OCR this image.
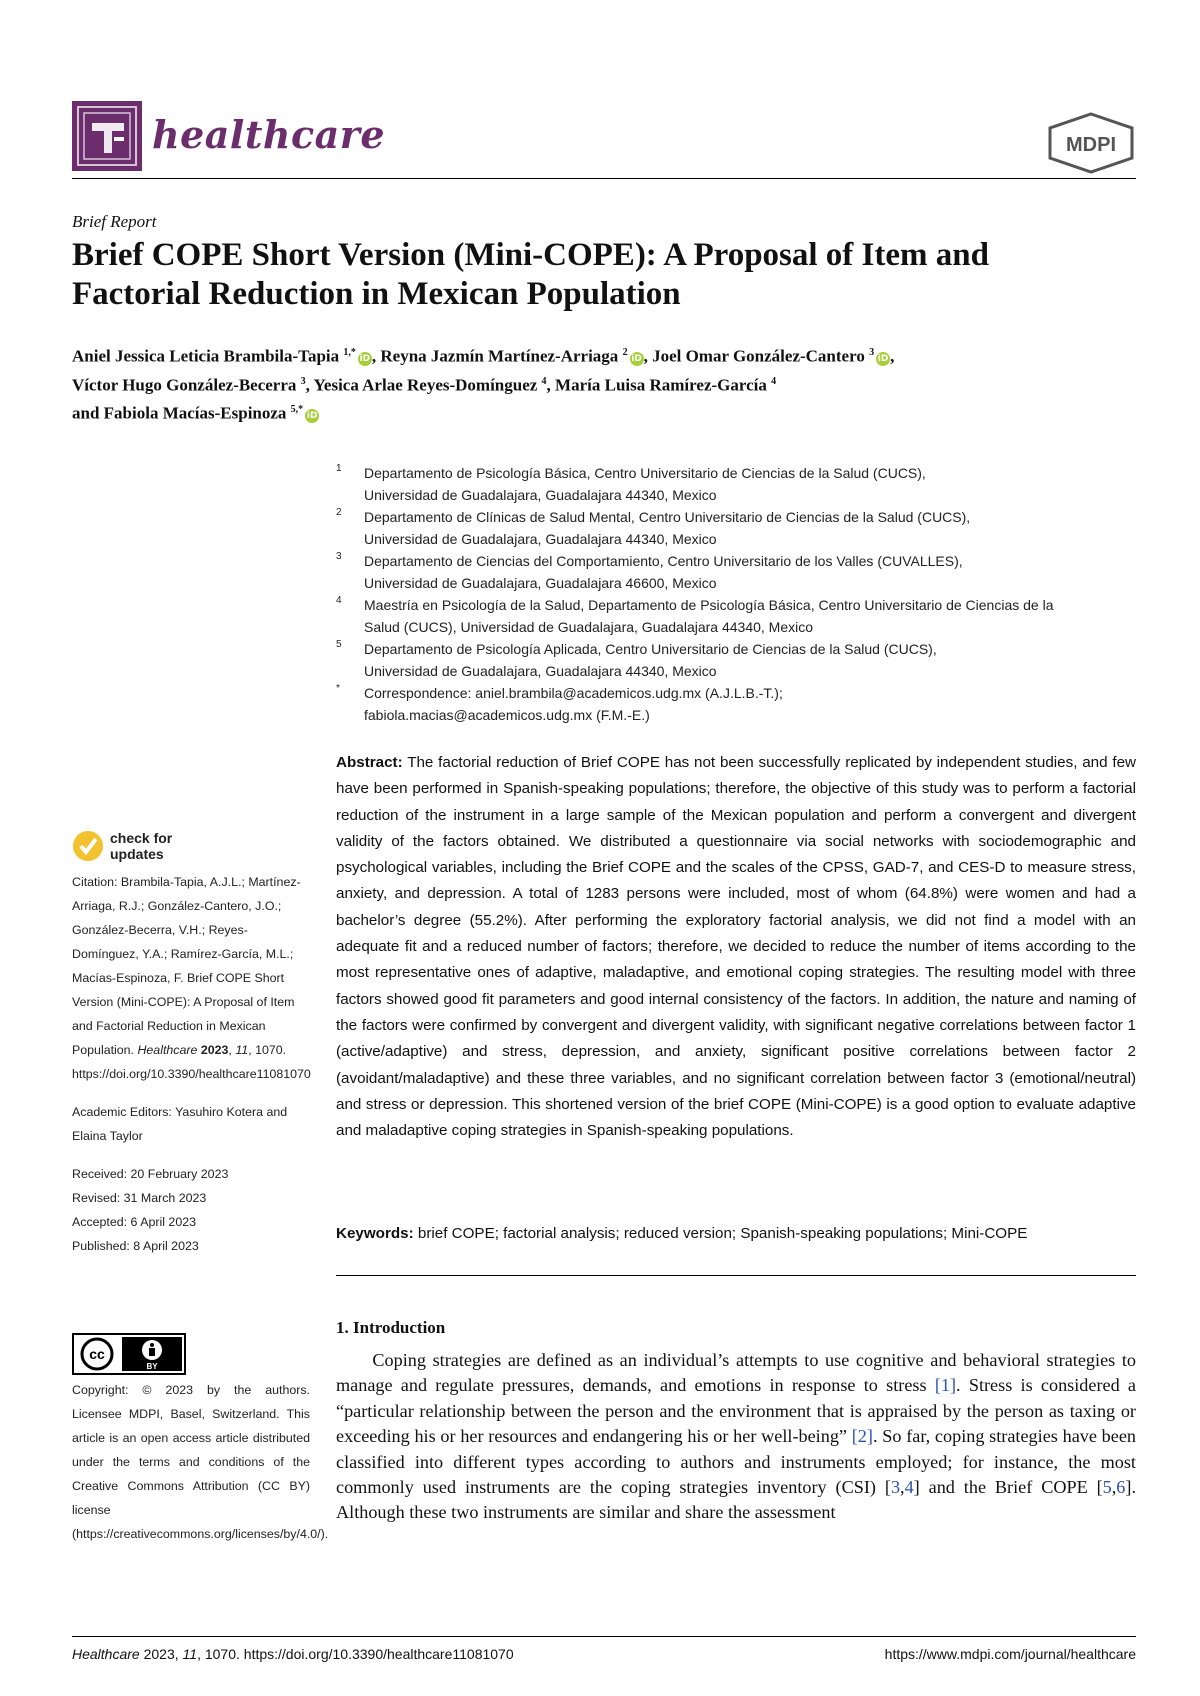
healthcare	MDPI
Brief Report
Brief COPE Short Version (Mini-COPE): A Proposal of Item and
Factorial Reduction in Mexican Population
Aniel Jessica Leticia Brambila-Tapia $^{1,*}$iD , Reyna Jazmín Martínez-Arriaga $^2$iD , Joel Omar González-Cantero $^3$iD ,
Víctor Hugo González-Becerra $^3$, Yesica Arlae Reyes-Domínguez $^4$, María Luisa Ramírez-García $^4$
and Fabiola Macías-Espinoza $^{5,*}$iD
1 Departamento de Psicología Básica, Centro Universitario de Ciencias de la Salud (CUCS),
Universidad de Guadalajara, Guadalajara 44340, Mexico
2 Departamento de Clínicas de Salud Mental, Centro Universitario de Ciencias de la Salud (CUCS),
Universidad de Guadalajara, Guadalajara 44340, Mexico
3 Departamento de Ciencias del Comportamiento, Centro Universitario de los Valles (CUVALLES),
Universidad de Guadalajara, Guadalajara 46600, Mexico
4 Maestría en Psicología de la Salud, Departamento de Psicología Básica, Centro Universitario de Ciencias de la
Salud (CUCS), Universidad de Guadalajara, Guadalajara 44340, Mexico
5 Departamento de Psicología Aplicada, Centro Universitario de Ciencias de la Salud (CUCS),
Universidad de Guadalajara, Guadalajara 44340, Mexico
* Correspondence: aniel.brambila@academicos.udg.mx (A.J.L.B.-T.);
fabiola.macias@academicos.udg.mx (F.M.-E.)
Abstract: The factorial reduction of Brief COPE has not been successfully replicated by independent studies, and few have been performed in Spanish-speaking populations; therefore, the objective of this study was to perform a factorial reduction of the instrument in a large sample of the Mexican population and perform a convergent and divergent validity of the factors obtained. We distributed a questionnaire via social networks with sociodemographic and psychological variables, including the Brief COPE and the scales of the CPSS, GAD-7, and CES-D to measure stress, anxiety, and depression. A total of 1283 persons were included, most of whom (64.8%) were women and had a bachelor’s degree (55.2%). After performing the exploratory factorial analysis, we did not find a model with an adequate fit and a reduced number of factors; therefore, we decided to reduce the number of items according to the most representative ones of adaptive, maladaptive, and emotional coping strategies. The resulting model with three factors showed good fit parameters and good internal consistency of the factors. In addition, the nature and naming of the factors were confirmed by convergent and divergent validity, with significant negative correlations between factor 1 (active/adaptive) and stress, depression, and anxiety, significant positive correlations between factor 2 (avoidant/maladaptive) and these three variables, and no significant correlation between factor 3 (emotional/neutral) and stress or depression. This shortened version of the brief COPE (Mini-COPE) is a good option to evaluate adaptive and maladaptive coping strategies in Spanish-speaking populations.
Keywords: brief COPE; factorial analysis; reduced version; Spanish-speaking populations; Mini-COPE
1. Introduction
  Coping strategies are defined as an individual’s attempts to use cognitive and behavioral strategies to manage and regulate pressures, demands, and emotions in response to stress [1]. Stress is considered a “particular relationship between the person and the environment that is appraised by the person as taxing or exceeding his or her resources and endangering his or her well-being” [2]. So far, coping strategies have been classified into different types according to authors and instruments employed; for instance, the most commonly used instruments are the coping strategies inventory (CSI) [3,4] and the Brief COPE [5,6]. Although these two instruments are similar and share the assessment
check for
updates

Citation: Brambila-Tapia, A.J.L.; Martínez-Arriaga, R.J.; González-Cantero, J.O.; González-Becerra, V.H.; Reyes-Domínguez, Y.A.; Ramírez-García, M.L.; Macías-Espinoza, F. Brief COPE Short Version (Mini-COPE): A Proposal of Item and Factorial Reduction in Mexican Population. Healthcare 2023, 11, 1070. https://doi.org/10.3390/healthcare11081070

Academic Editors: Yasuhiro Kotera and Elaina Taylor

Received: 20 February 2023
Revised: 31 March 2023
Accepted: 6 April 2023
Published: 8 April 2023
cc
BY
Copyright: © 2023 by the authors. Licensee MDPI, Basel, Switzerland. This article is an open access article distributed under the terms and conditions of the Creative Commons Attribution (CC BY) license (https://creativecommons.org/licenses/by/4.0/).
Healthcare 2023, 11, 1070. https://doi.org/10.3390/healthcare11081070	https://www.mdpi.com/journal/healthcare
